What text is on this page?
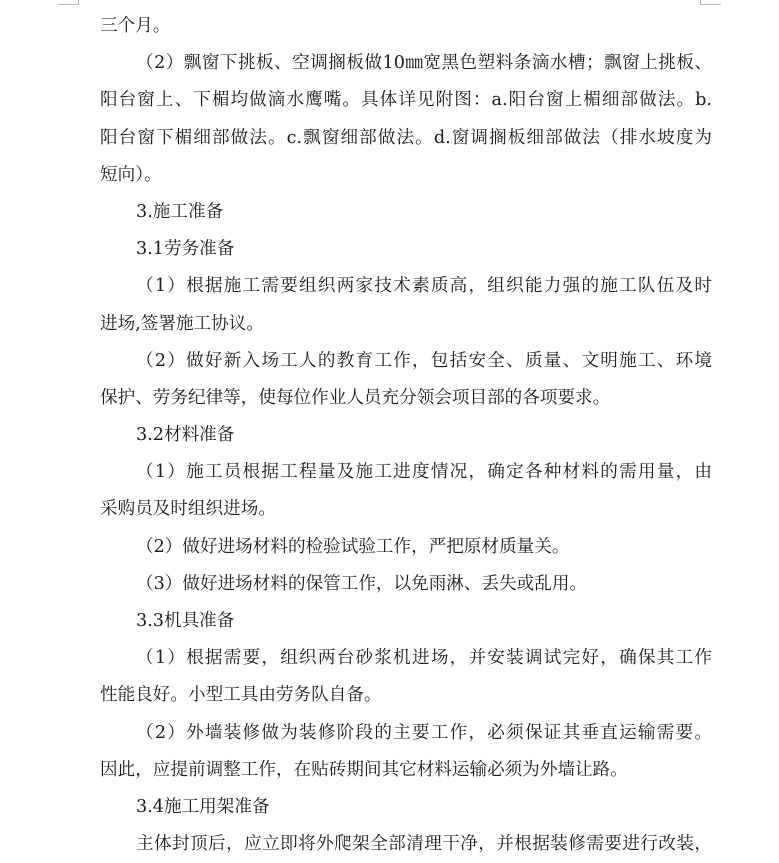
三个月。
（2）飘窗下挑板、空调搁板做10㎜宽黑色塑料条滴水槽；飘窗上挑板、
阳台窗上、下楣均做滴水鹰嘴。具体详见附图：a.阳台窗上楣细部做法。b.
阳台窗下楣细部做法。c.飘窗细部做法。d.窗调搁板细部做法（排水坡度为
短向）。
3.施工准备
3.1劳务准备
（1）根据施工需要组织两家技术素质高，组织能力强的施工队伍及时
进场,签署施工协议。
（2）做好新入场工人的教育工作，包括安全、质量、文明施工、环境
保护、劳务纪律等，使每位作业人员充分领会项目部的各项要求。
3.2材料准备
（1）施工员根据工程量及施工进度情况，确定各种材料的需用量，由
采购员及时组织进场。
（2）做好进场材料的检验试验工作，严把原材质量关。
（3）做好进场材料的保管工作，以免雨淋、丢失或乱用。
3.3机具准备
（1）根据需要，组织两台砂浆机进场，并安装调试完好，确保其工作
性能良好。小型工具由劳务队自备。
（2）外墙装修做为装修阶段的主要工作，必须保证其垂直运输需要。
因此，应提前调整工作，在贴砖期间其它材料运输必须为外墙让路。
3.4施工用架准备
主体封顶后，应立即将外爬架全部清理干净，并根据装修需要进行改装，
